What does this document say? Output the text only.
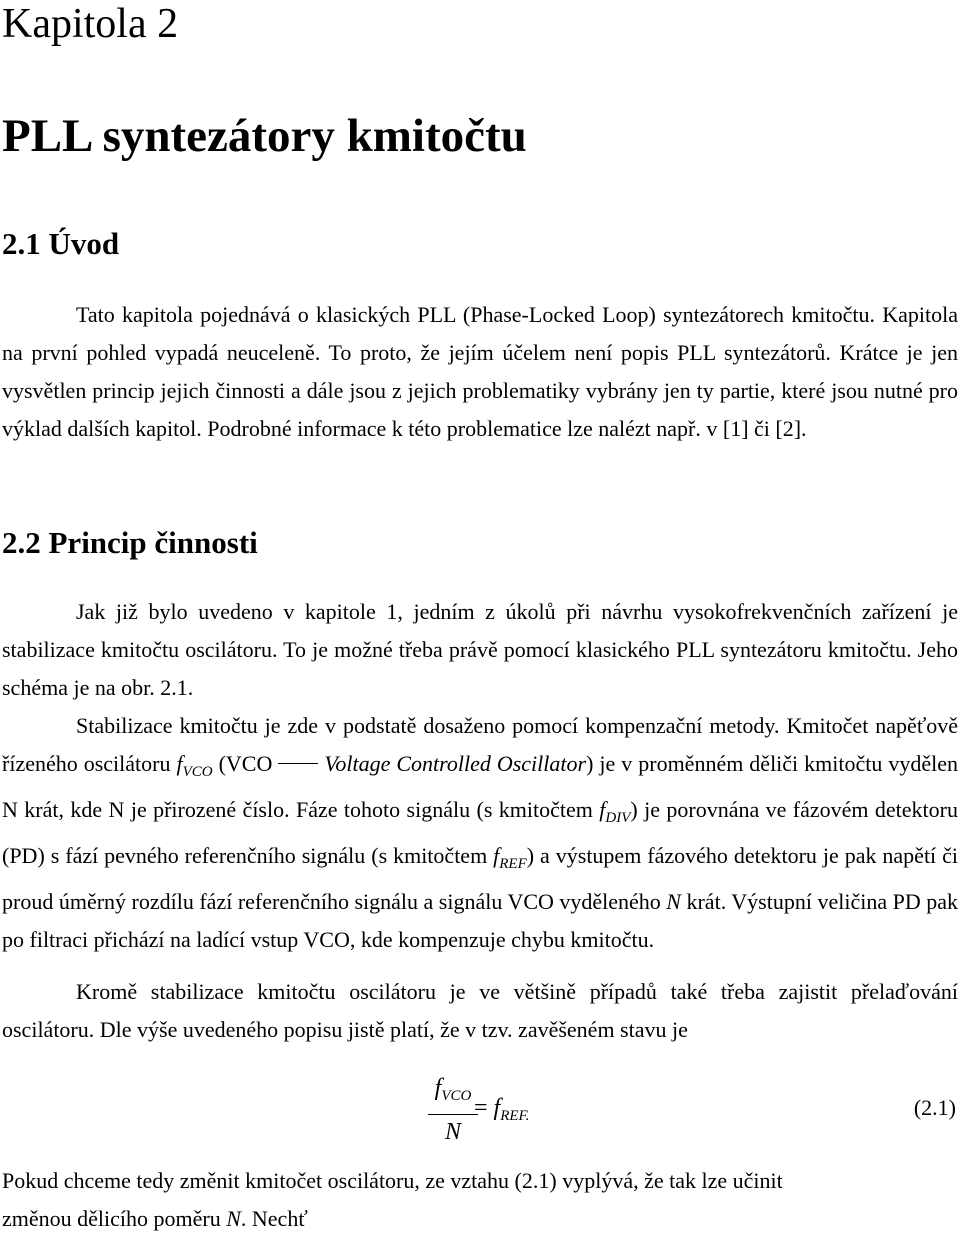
Kapitola 2
PLL syntezátory kmitočtu
2.1 Úvod

Tato kapitola pojednává o klasických PLL (Phase-Locked Loop) syntezátorech kmitočtu. Kapitola na první pohled vypadá neuceleně. To proto, že jejím účelem není popis PLL syntezátorů. Krátce je jen vysvětlen princip jejich činnosti a dále jsou z jejich problematiky vybrány jen ty partie, které jsou nutné pro výklad dalších kapitol. Podrobné informace k této problematice lze nalézt např. v [1] či [2].

2.2 Princip činnosti

Jak již bylo uvedeno v kapitole 1, jedním z úkolů při návrhu vysokofrekvenčních zařízení je stabilizace kmitočtu oscilátoru. To je možné třeba právě pomocí klasického PLL syntezátoru kmitočtu. Jeho schéma je na obr. 2.1.

Stabilizace kmitočtu je zde v podstatě dosaženo pomocí kompenzační metody. Kmitočet napěťově řízeného oscilátoru $f_{VCO}$ (VCO Voltage Controlled Oscillator) je v proměnném děliči kmitočtu vydělen N krát, kde N je přirozené číslo. Fáze tohoto signálu (s kmitočtem $f_{DIV}$) je porovnána ve fázovém detektoru (PD) s fází pevného referenčního signálu (s kmitočtem $f_{REF}$) a výstupem fázového detektoru je pak napětí či proud úměrný rozdílu fází referenčního signálu a signálu VCO vyděleného N krát. Výstupní veličina PD pak po filtraci přichází na ladící vstup VCO, kde kompenzuje chybu kmitočtu.

Kromě stabilizace kmitočtu oscilátoru je ve většině případů také třeba zajistit přelaďování oscilátoru. Dle výše uvedeného popisu jistě platí, že v tzv. zavěšeném stavu je

$f_{VCO}$
N
= $f_{REF.}$	(2.1)

Pokud chceme tedy změnit kmitočet oscilátoru, ze vztahu (2.1) vyplývá, že tak lze učinit

změnou dělicího poměru N. Nechť
